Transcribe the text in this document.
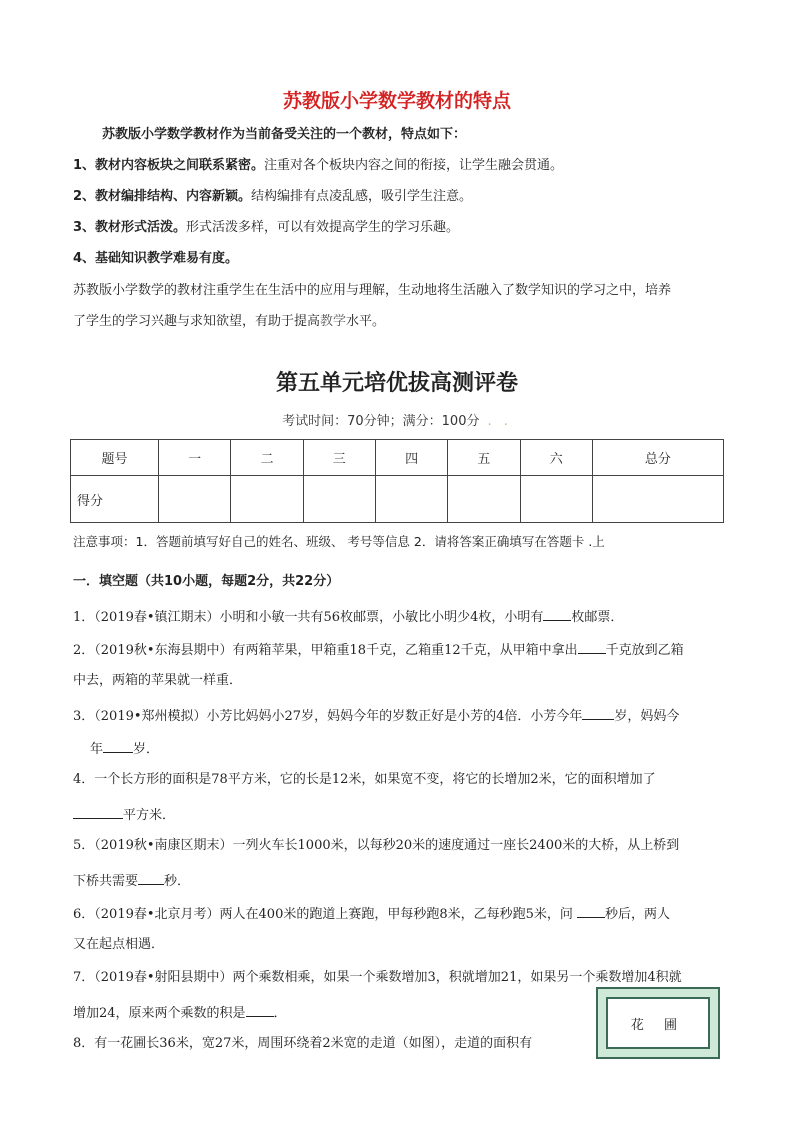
苏教版小学数学教材的特点
苏教版小学数学教材作为当前备受关注的一个教材，特点如下：
1、教材内容板块之间联系紧密。注重对各个板块内容之间的衔接，让学生融会贯通。
2、教材编排结构、内容新颖。结构编排有点凌乱感，吸引学生注意。
3、教材形式活泼。形式活泼多样，可以有效提高学生的学习乐趣。
4、基础知识教学难易有度。
苏教版小学数学的教材注重学生在生活中的应用与理解，生动地将生活融入了数学知识的学习之中，培养
了学生的学习兴趣与求知欲望，有助于提高教学水平。
第五单元培优拔高测评卷
考试时间：70分钟；满分：100分 . .
题号	一	二	三	四	五	六	总分
得分							
注意事项：1．答题前填写好自己的姓名、班级、 考号等信息 2．请将答案正确填写在答题卡 .上
一．填空题（共10小题，每题2分，共22分）
1．（2019春•镇江期末）小明和小敏一共有56枚邮票，小敏比小明少4枚，小明有 枚邮票．
2．（2019秋•东海县期中）有两箱苹果，甲箱重18千克，乙箱重12千克，从甲箱中拿出 千克放到乙箱
中去，两箱的苹果就一样重．
3．（2019•郑州模拟）小芳比妈妈小27岁，妈妈今年的岁数正好是小芳的4倍．小芳今年 岁，妈妈今
年 岁．
4．一个长方形的面积是78平方米，它的长是12米，如果宽不变，将它的长增加2米，它的面积增加了
平方米．
5．（2019秋•南康区期末）一列火车长1000米，以每秒20米的速度通过一座长2400米的大桥，从上桥到
下桥共需要 秒．
6．（2019春•北京月考）两人在400米的跑道上赛跑，甲每秒跑8米，乙每秒跑5米，问 秒后，两人
又在起点相遇．
7．（2019春•射阳县期中）两个乘数相乘，如果一个乘数增加3，积就增加21，如果另一个乘数增加4积就
增加24，原来两个乘数的积是 ．
8．有一花圃长36米，宽27米，周围环绕着2米宽的走道（如图），走道的面积有
花 圃
